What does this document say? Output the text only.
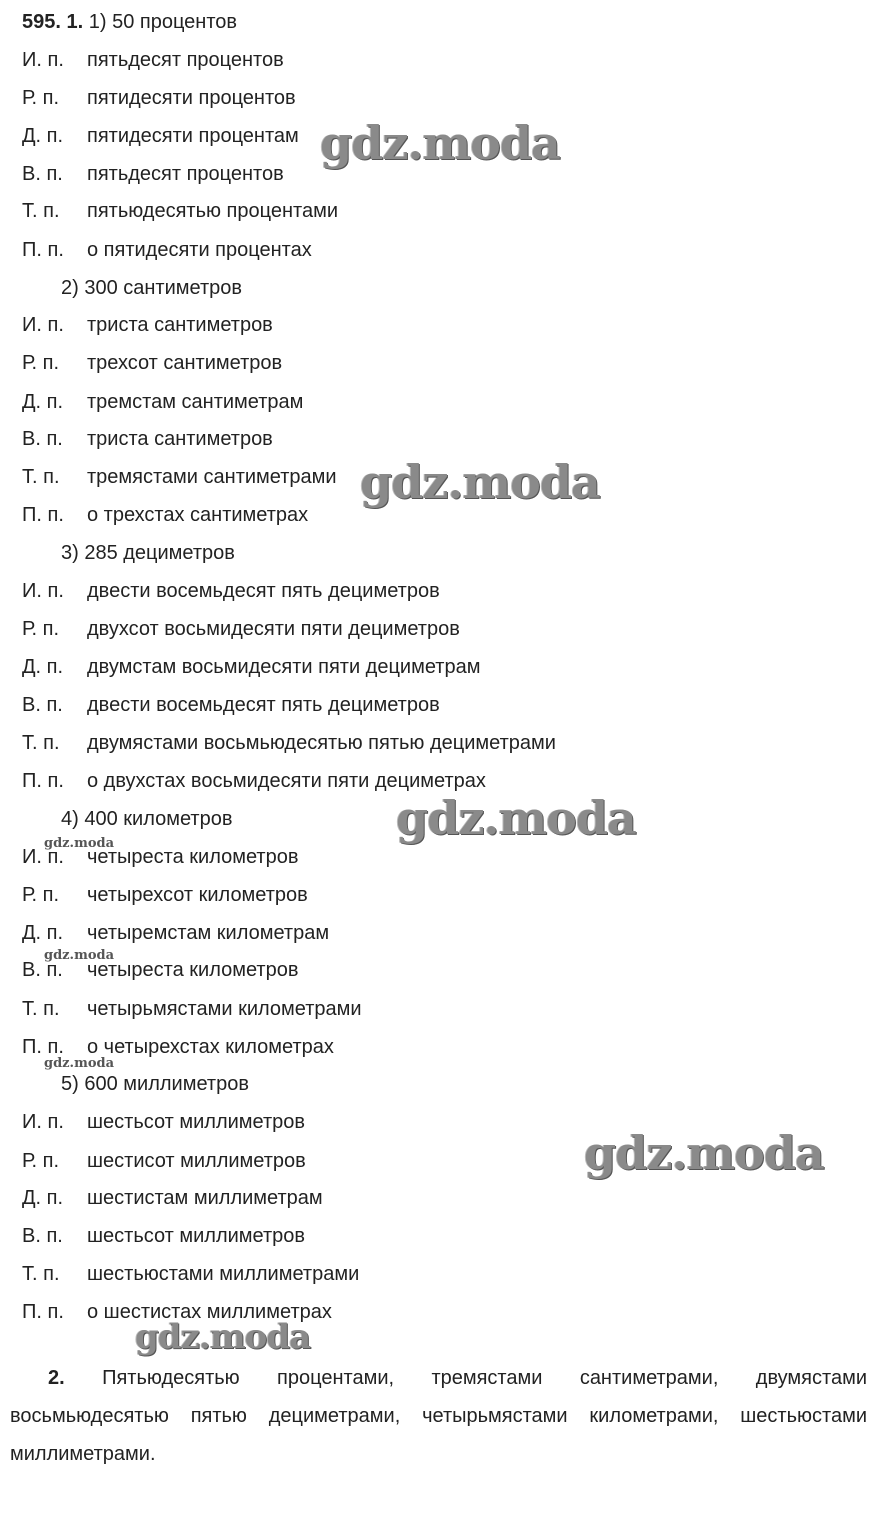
595. 1. 1) 50 процентов
И. п. пятьдесят процентов
Р. п. пятидесяти процентов
Д. п. пятидесяти процентам
В. п. пятьдесят процентов
Т. п. пятьюдесятью процентами
П. п. о пятидесяти процентах
2) 300 сантиметров
И. п. триста сантиметров
Р. п. трехсот сантиметров
Д. п. тремстам сантиметрам
В. п. триста сантиметров
Т. п. тремястами сантиметрами
П. п. о трехстах сантиметрах
3) 285 дециметров
И. п. двести восемьдесят пять дециметров
Р. п. двухсот восьмидесяти пяти дециметров
Д. п. двумстам восьмидесяти пяти дециметрам
В. п. двести восемьдесят пять дециметров
Т. п. двумястами восьмьюдесятью пятью дециметрами
П. п. о двухстах восьмидесяти пяти дециметрах
4) 400 километров
И. п. четыреста километров
Р. п. четырехсот километров
Д. п. четыремстам километрам
В. п. четыреста километров
Т. п. четырьмястами километрами
П. п. о четырехстах километрах
5) 600 миллиметров
И. п. шестьсот миллиметров
Р. п. шестисот миллиметров
Д. п. шестистам миллиметрам
В. п. шестьсот миллиметров
Т. п. шестьюстами миллиметрами
П. п. о шестистах миллиметрах
2. Пятьюдесятью процентами, тремястами сантиметрами, двумястами
восьмьюдесятью пятью дециметрами, четырьмястами километрами, шестьюстами
миллиметрами.
gdz.moda
gdz.moda
gdz.moda
gdz.moda
gdz.moda
gdz.moda
gdz.moda
gdz.moda
